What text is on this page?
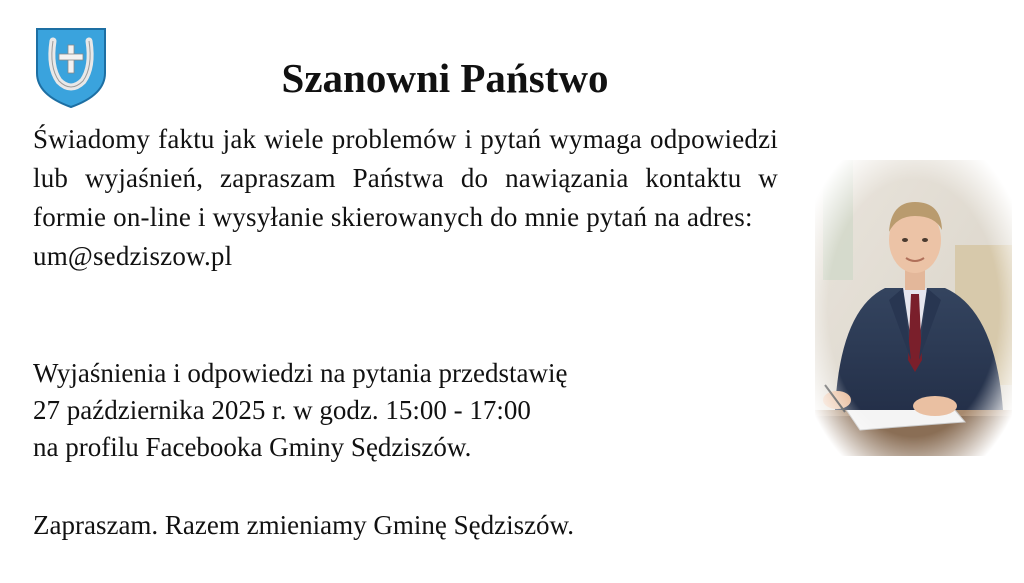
Szanowni Państwo
Świadomy faktu jak wiele problemów i pytań wymaga odpowiedzi lub wyjaśnień, zapraszam Państwa do nawiązania kontaktu w formie on-line i wysyłanie skierowanych do mnie pytań na adres:
um@sedziszow.pl
Wyjaśnienia i odpowiedzi na pytania przedstawię
27 października 2025 r. w godz. 15:00 - 17:00
na profilu Facebooka Gminy Sędziszów.
Zapraszam. Razem zmieniamy Gminę Sędziszów.
